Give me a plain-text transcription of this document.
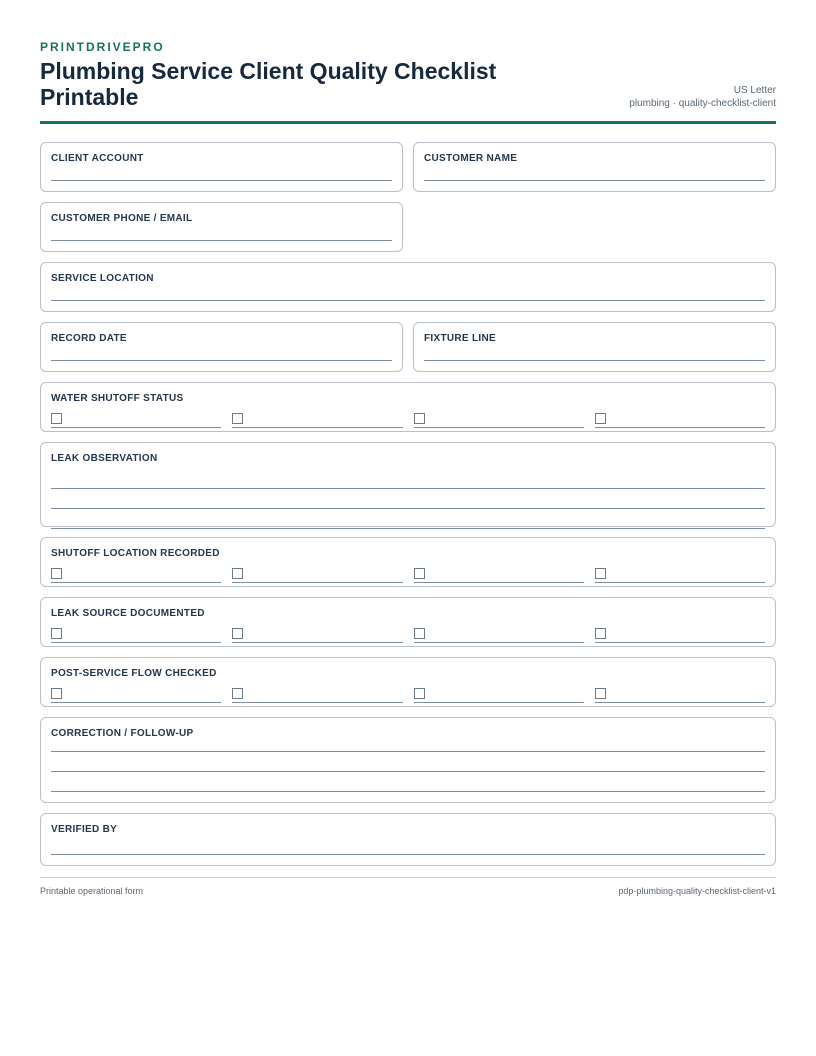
PRINTDRIVEPRO
Plumbing Service Client Quality Checklist Printable	US Letter
plumbing · quality-checklist-client
CLIENT ACCOUNT	CUSTOMER NAME
CUSTOMER PHONE / EMAIL
SERVICE LOCATION
RECORD DATE	FIXTURE LINE
WATER SHUTOFF STATUS
LEAK OBSERVATION
SHUTOFF LOCATION RECORDED
LEAK SOURCE DOCUMENTED
POST-SERVICE FLOW CHECKED
CORRECTION / FOLLOW-UP
VERIFIED BY
Printable operational form	pdp-plumbing-quality-checklist-client-v1
